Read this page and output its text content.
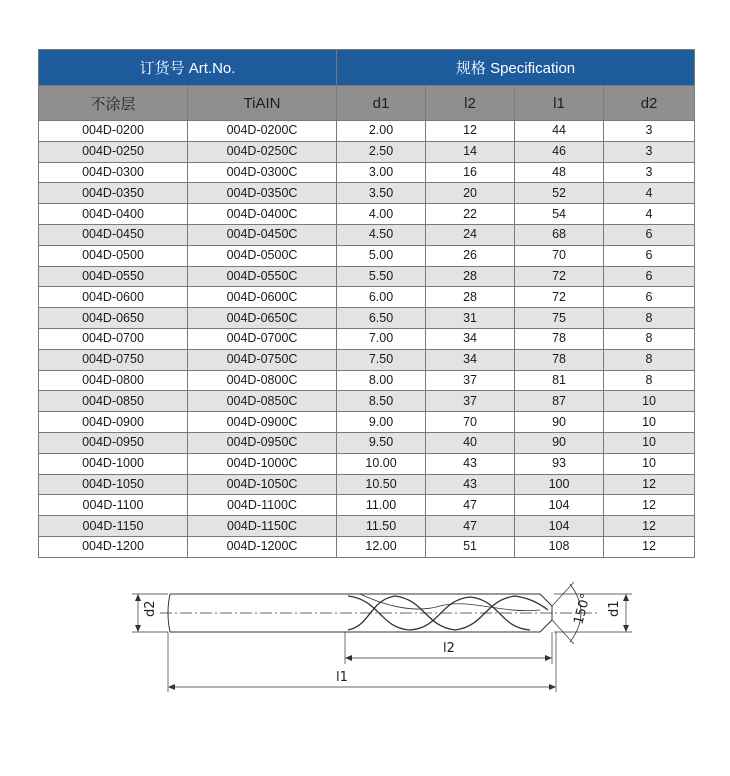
订货号 Art.No.		规格 Specification			
不涂层	TiAIN	d1	l2	l1	d2
004D-0200	004D-0200C	2.00	12	44	3
004D-0250	004D-0250C	2.50	14	46	3
004D-0300	004D-0300C	3.00	16	48	3
004D-0350	004D-0350C	3.50	20	52	4
004D-0400	004D-0400C	4.00	22	54	4
004D-0450	004D-0450C	4.50	24	68	6
004D-0500	004D-0500C	5.00	26	70	6
004D-0550	004D-0550C	5.50	28	72	6
004D-0600	004D-0600C	6.00	28	72	6
004D-0650	004D-0650C	6.50	31	75	8
004D-0700	004D-0700C	7.00	34	78	8
004D-0750	004D-0750C	7.50	34	78	8
004D-0800	004D-0800C	8.00	37	81	8
004D-0850	004D-0850C	8.50	37	87	10
004D-0900	004D-0900C	9.00	70	90	10
004D-0950	004D-0950C	9.50	40	90	10
004D-1000	004D-1000C	10.00	43	93	10
004D-1050	004D-1050C	10.50	43	100	12
004D-1100	004D-1100C	11.00	47	104	12
004D-1150	004D-1150C	11.50	47	104	12
004D-1200	004D-1200C	12.00	51	108	12
d2	d1
150°
l2
l1
